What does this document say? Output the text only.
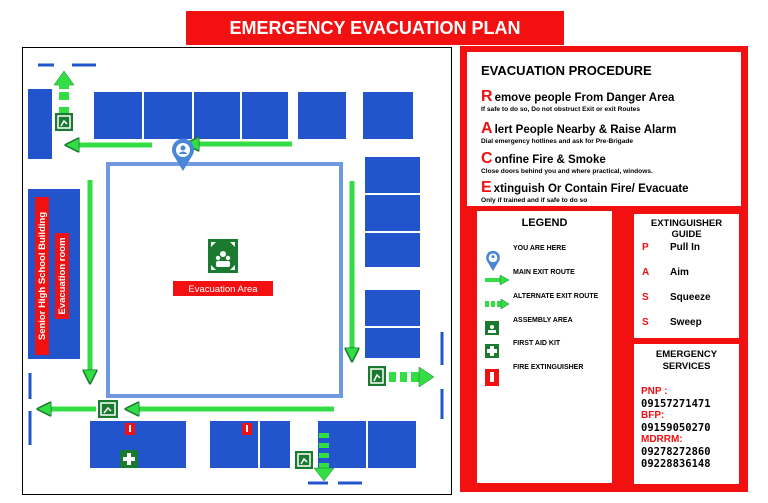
EMERGENCY EVACUATION PLAN
Senior High School Building Evacuation room	Evacuation Area
EVACUATION PROCEDURE
R emove people From Danger Area
If safe to do so, Do not obstruct Exit or exit Routes
A lert People Nearby & Raise Alarm
Dial emergency hotlines and ask for Pre-Brigade
C onfine Fire & Smoke
Close doors behind you and where practical, windows.
E xtinguish Or Contain Fire/ Evacuate
Only if trained and if safe to do so
LEGEND
YOU ARE HERE
MAIN EXIT ROUTE
ALTERNATE EXIT ROUTE
ASSEMBLY AREA
FIRST AID KIT
FIRE EXTINGUISHER
EXTINGUISHER
GUIDE
P Pull In
A Aim
S Squeeze
S Sweep
EMERGENCY
SERVICES
PNP :
09157271471
BFP:
09159050270
MDRRM:
09278272860
09228836148
